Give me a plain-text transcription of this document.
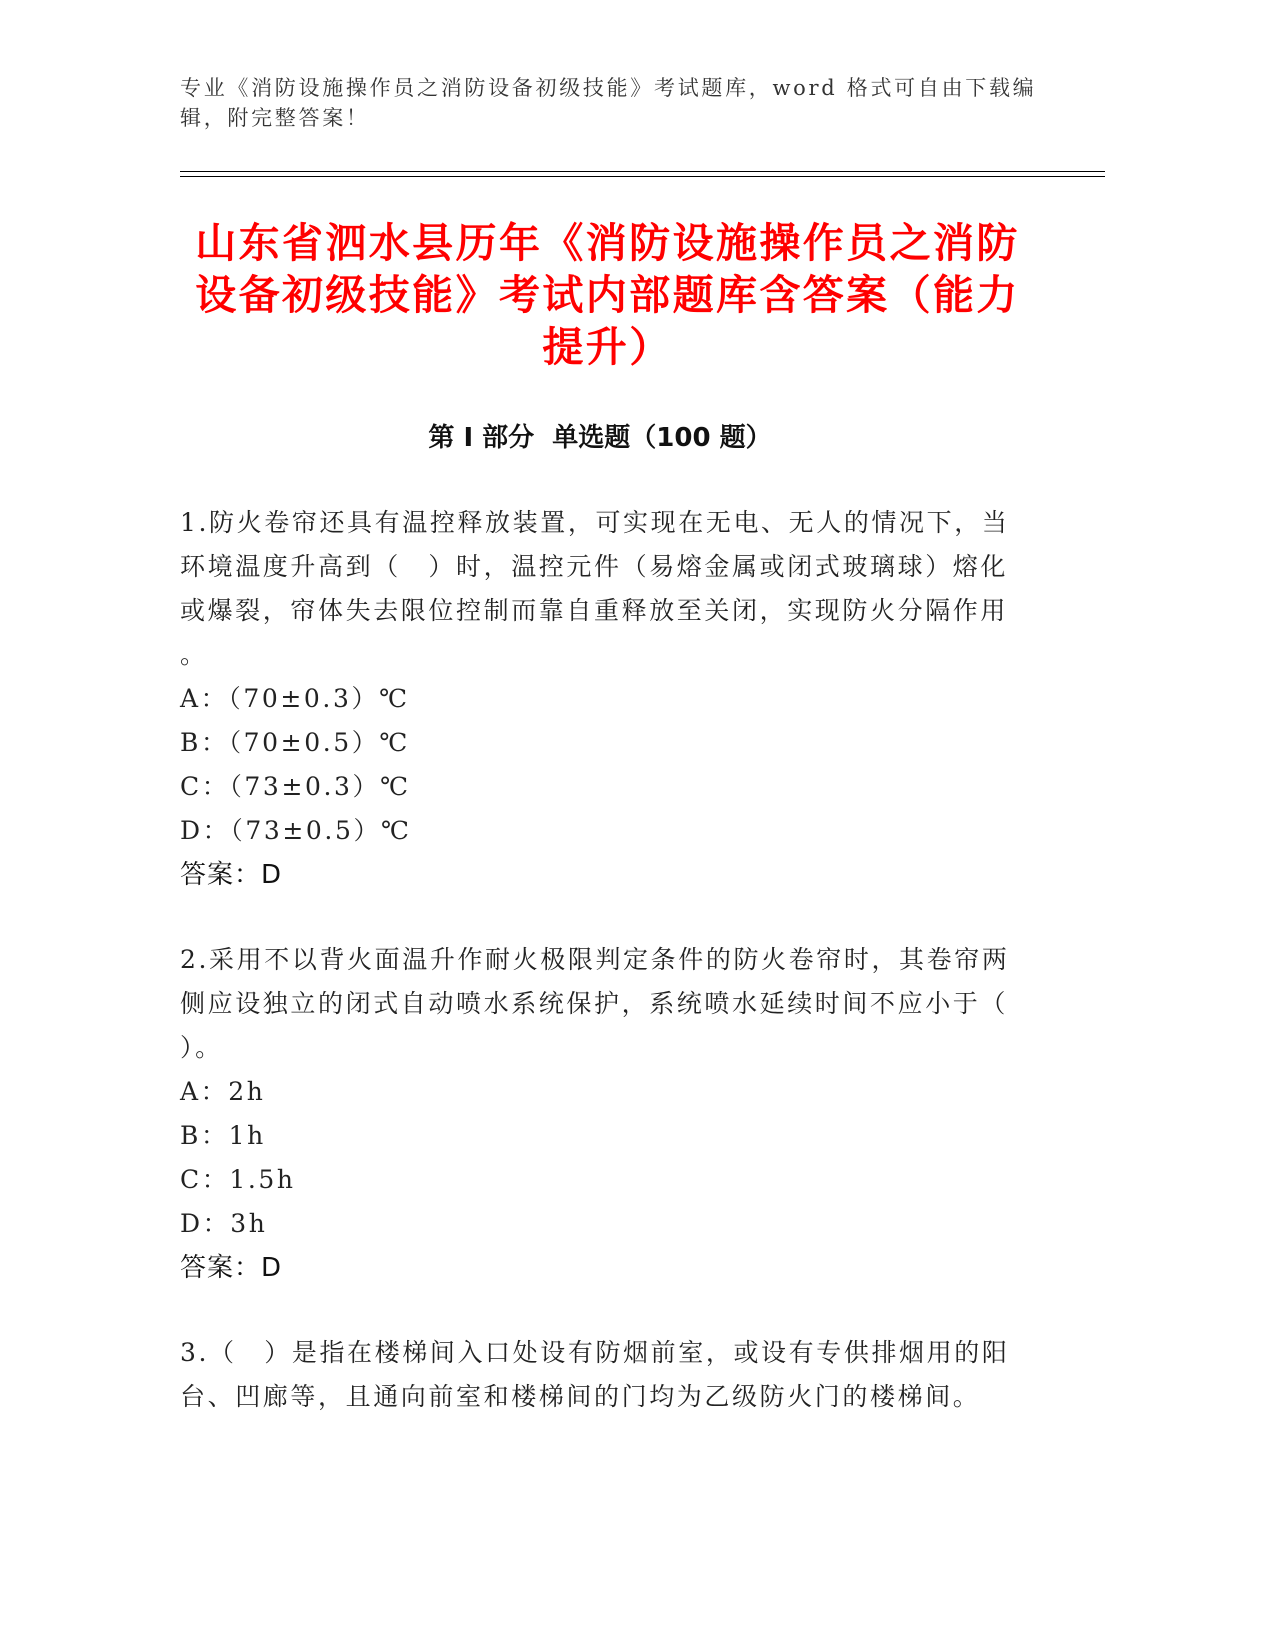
专业《消防设施操作员之消防设备初级技能》考试题库，word 格式可自由下载编辑，附完整答案！
山东省泗水县历年《消防设施操作员之消防设备初级技能》考试内部题库含答案（能力提升）
第 I 部分  单选题（100 题）
1.防火卷帘还具有温控释放装置，可实现在无电、无人的情况下，当环境温度升高到（　）时，温控元件（易熔金属或闭式玻璃球）熔化或爆裂，帘体失去限位控制而靠自重释放至关闭，实现防火分隔作用。
A：（70±0.3）℃
B：（70±0.5）℃
C：（73±0.3）℃
D：（73±0.5）℃
答案：D
2.采用不以背火面温升作耐火极限判定条件的防火卷帘时，其卷帘两侧应设独立的闭式自动喷水系统保护，系统喷水延续时间不应小于（　）。
A：2h
B：1h
C：1.5h
D：3h
答案：D
3.（　）是指在楼梯间入口处设有防烟前室，或设有专供排烟用的阳台、凹廊等，且通向前室和楼梯间的门均为乙级防火门的楼梯间。
